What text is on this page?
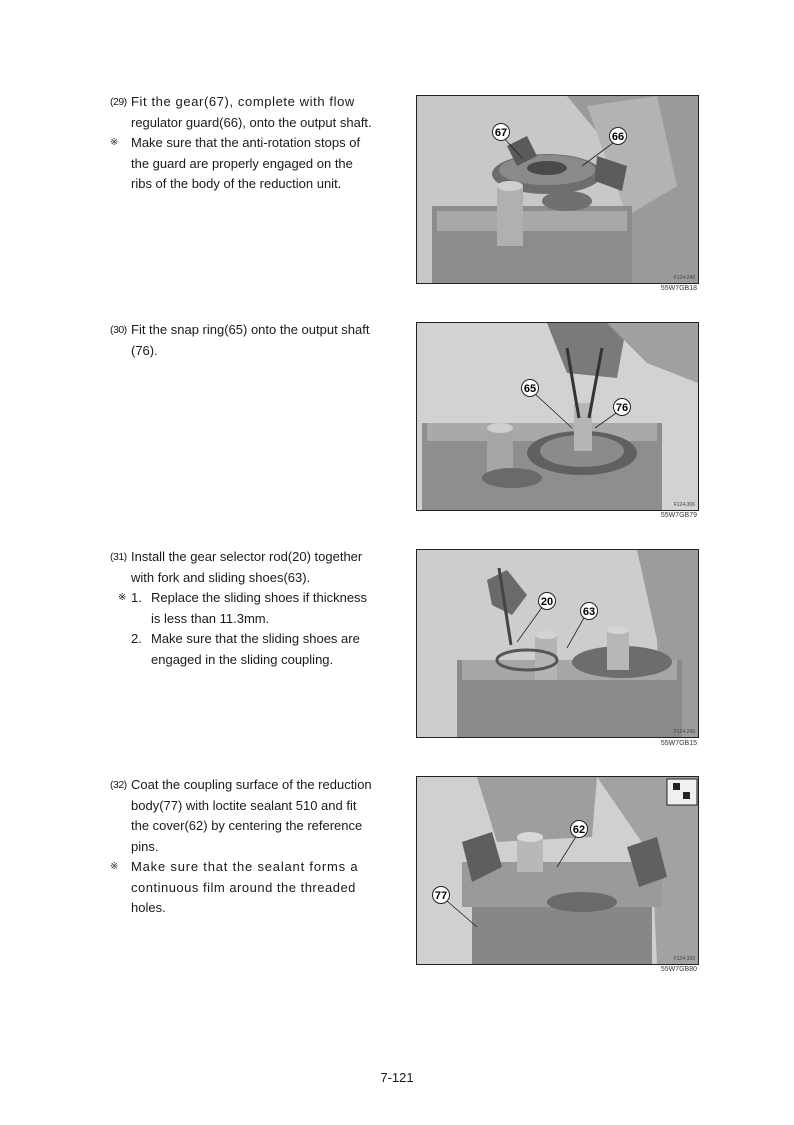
(29) Fit the gear(67), complete with flow
regulator guard(66), onto the output shaft.
※ Make sure that the anti-rotation stops of
the guard are properly engaged on the
ribs of the body of the reduction unit.
67	66
F124-248
55W7GB18
(30) Fit the snap ring(65) onto the output shaft
(76).
65
76
F124-306
55W7GB79
(31) Install the gear selector rod(20) together
with fork and sliding shoes(63).
※ 1. Replace the sliding shoes if thickness
is less than 11.3mm.
2. Make sure that the sliding shoes are
engaged in the sliding coupling.
20
63
F124-249
55W7GB15
(32) Coat the coupling surface of the reduction
body(77) with loctite sealant 510 and fit
the cover(62) by centering the reference
pins.
※ Make sure that the sealant forms a
continuous film around the threaded
holes.
62
77
F124-320
55W7GB80
7-121
